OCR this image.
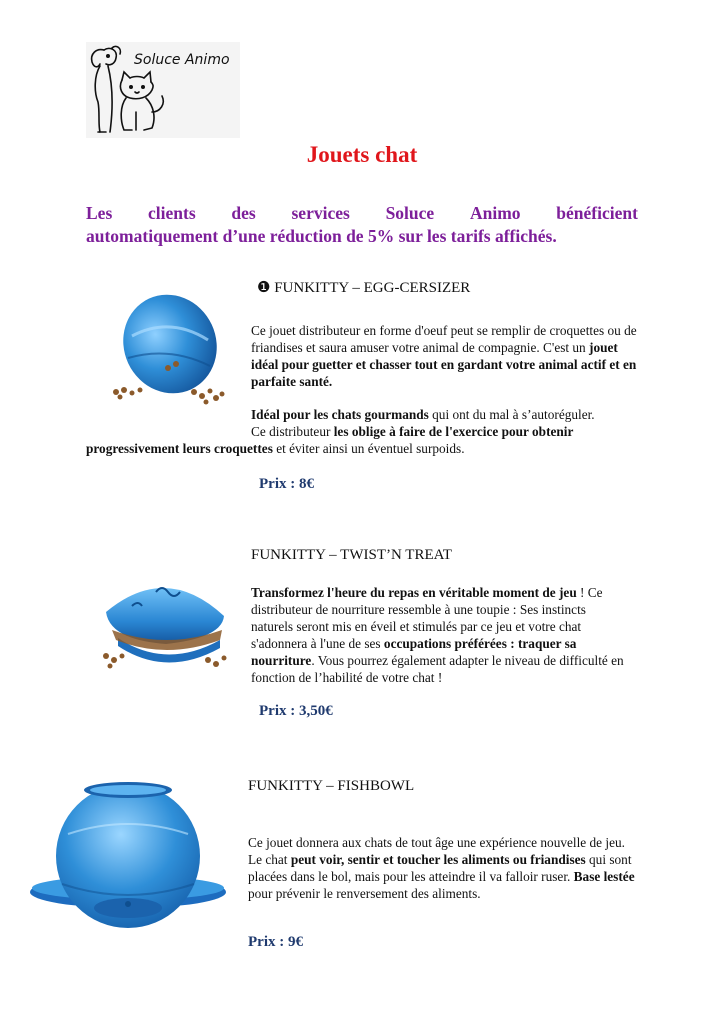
Soluce Animo
Jouets chat
Les clients des services Soluce Animo bénéficient
automatiquement d’une réduction de 5% sur les tarifs affichés.
❶ FUNKITTY – EGG-CERSIZER
Ce jouet distributeur en forme d'oeuf peut se remplir de croquettes ou de friandises et saura amuser votre animal de compagnie. C'est un jouet idéal pour guetter et chasser tout en gardant votre animal actif et en parfaite santé.
Idéal pour les chats gourmands qui ont du mal à s’autoréguler.
Ce distributeur les oblige à faire de l'exercice pour obtenir
progressivement leurs croquettes et éviter ainsi un éventuel surpoids.
Prix : 8€
FUNKITTY – TWIST’N TREAT
Transformez l'heure du repas en véritable moment de jeu ! Ce distributeur de nourriture ressemble à une toupie : Ses instincts naturels seront mis en éveil et stimulés par ce jeu et votre chat s'adonnera à l'une de ses occupations préférées : traquer sa nourriture. Vous pourrez également adapter le niveau de difficulté en fonction de l’habilité de votre chat !
Prix : 3,50€
FUNKITTY – FISHBOWL
Ce jouet donnera aux chats de tout âge une expérience nouvelle de jeu. Le chat peut voir, sentir et toucher les aliments ou friandises qui sont placées dans le bol, mais pour les atteindre il va falloir ruser. Base lestée pour prévenir le renversement des aliments.
Prix : 9€
